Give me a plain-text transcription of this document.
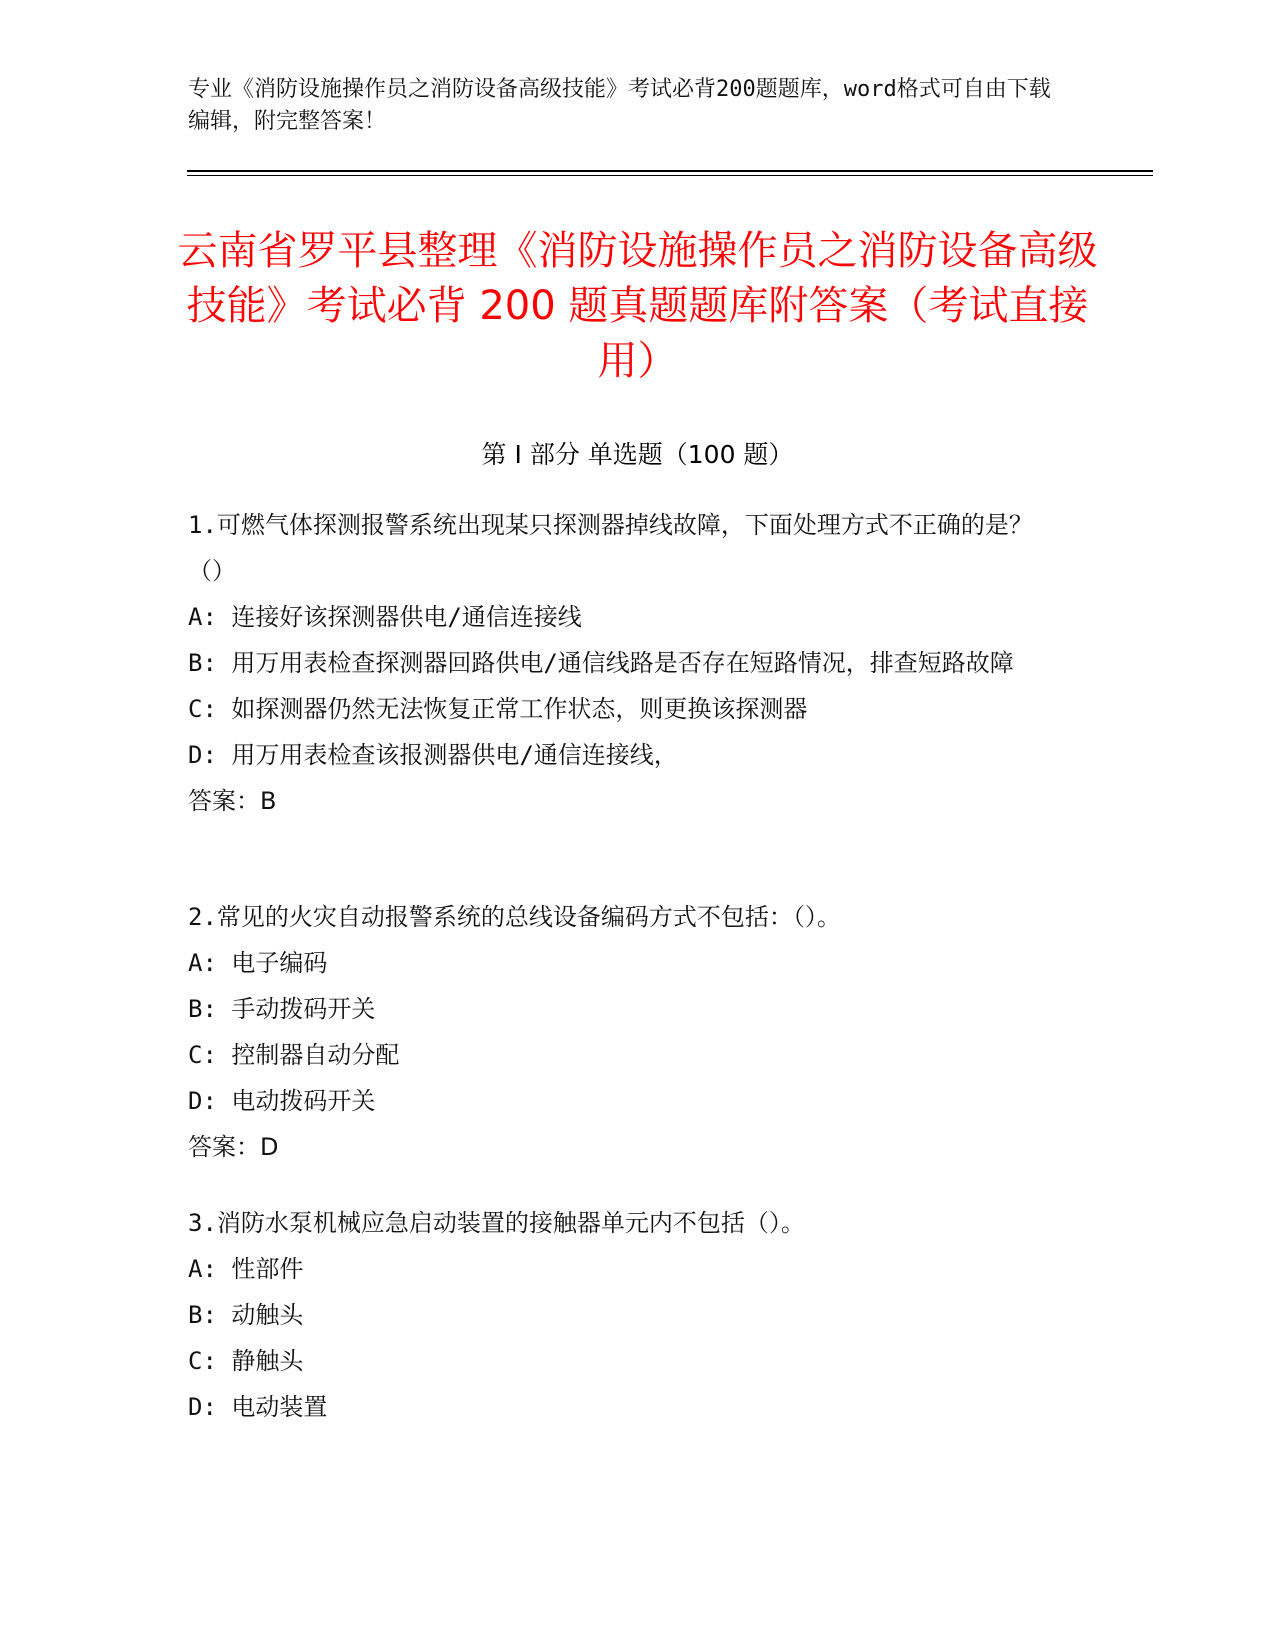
专业《消防设施操作员之消防设备高级技能》考试必背200题题库，word格式可自由下载编辑，附完整答案！
云南省罗平县整理《消防设施操作员之消防设备高级技能》考试必背 200 题真题题库附答案（考试直接用）
第 I 部分 单选题（100 题）

1.可燃气体探测报警系统出现某只探测器掉线故障，下面处理方式不正确的是？（）

A: 连接好该探测器供电/通信连接线

B: 用万用表检查探测器回路供电/通信线路是否存在短路情况，排查短路故障

C: 如探测器仍然无法恢复正常工作状态，则更换该探测器

D: 用万用表检查该报测器供电/通信连接线，

答案：B

2.常见的火灾自动报警系统的总线设备编码方式不包括：（）。

A: 电子编码

B: 手动拨码开关

C: 控制器自动分配

D: 电动拨码开关

答案：D

3.消防水泵机械应急启动装置的接触器单元内不包括（）。

A: 性部件

B: 动触头

C: 静触头

D: 电动装置
